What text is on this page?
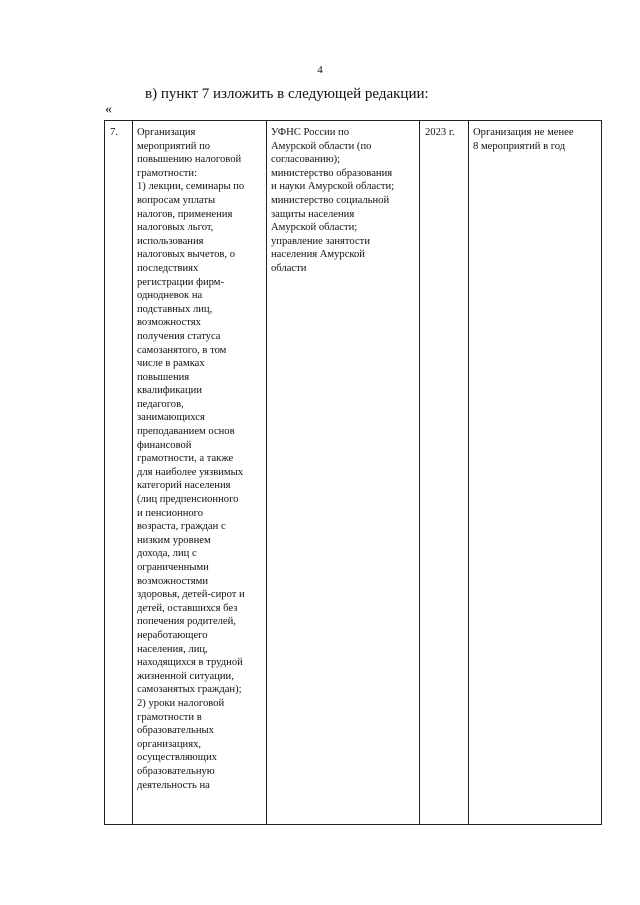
4
в) пункт 7 изложить в следующей редакции:
«
7.	Организация
мероприятий по
повышению налоговой
грамотности:
1) лекции, семинары по
вопросам уплаты
налогов, применения
налоговых льгот,
использования
налоговых вычетов, о
последствиях
регистрации фирм-
однодневок на
подставных лиц,
возможностях
получения статуса
самозанятого, в том
числе в рамках
повышения
квалификации
педагогов,
занимающихся
преподаванием основ
финансовой
грамотности, а также
для наиболее уязвимых
категорий населения
(лиц предпенсионного
и пенсионного
возраста, граждан с
низким уровнем
дохода, лиц с
ограниченными
возможностями
здоровья, детей-сирот и
детей, оставшихся без
попечения родителей,
неработающего
населения, лиц,
находящихся в трудной
жизненной ситуации,
самозанятых граждан);
2) уроки налоговой
грамотности в
образовательных
организациях,
осуществляющих
образовательную
деятельность на
УФНС России по
Амурской области (по
согласованию);
министерство образования
и науки Амурской области;
министерство социальной
защиты населения
Амурской области;
управление занятости
населения Амурской
области
2023 г.	Организация не менее
8 мероприятий в год
